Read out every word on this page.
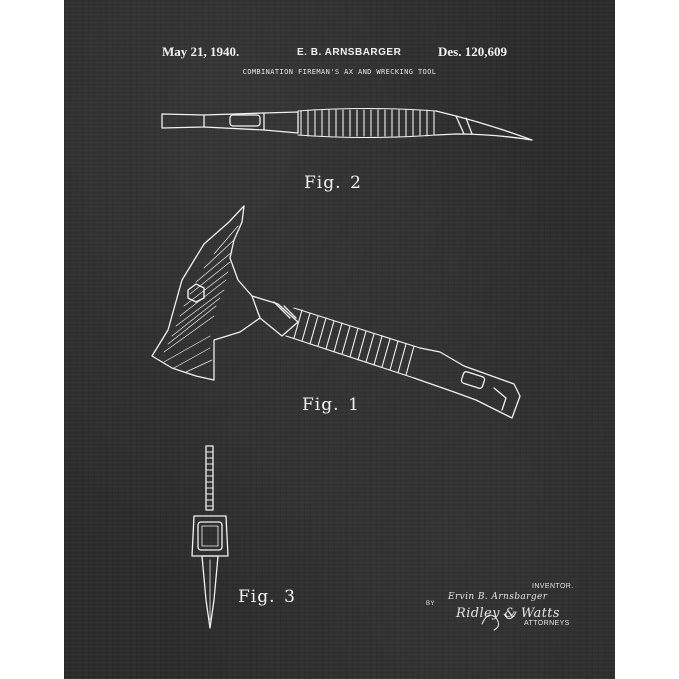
May 21, 1940.	E. B. ARNSBARGER	Des. 120,609
COMBINATION FIREMAN'S AX AND WRECKING TOOL
Fig. 2
Fig. 1
Fig. 3
INVENTOR.
Ervin B. Arnsbarger
BY
Ridley & Watts
ATTORNEYS
